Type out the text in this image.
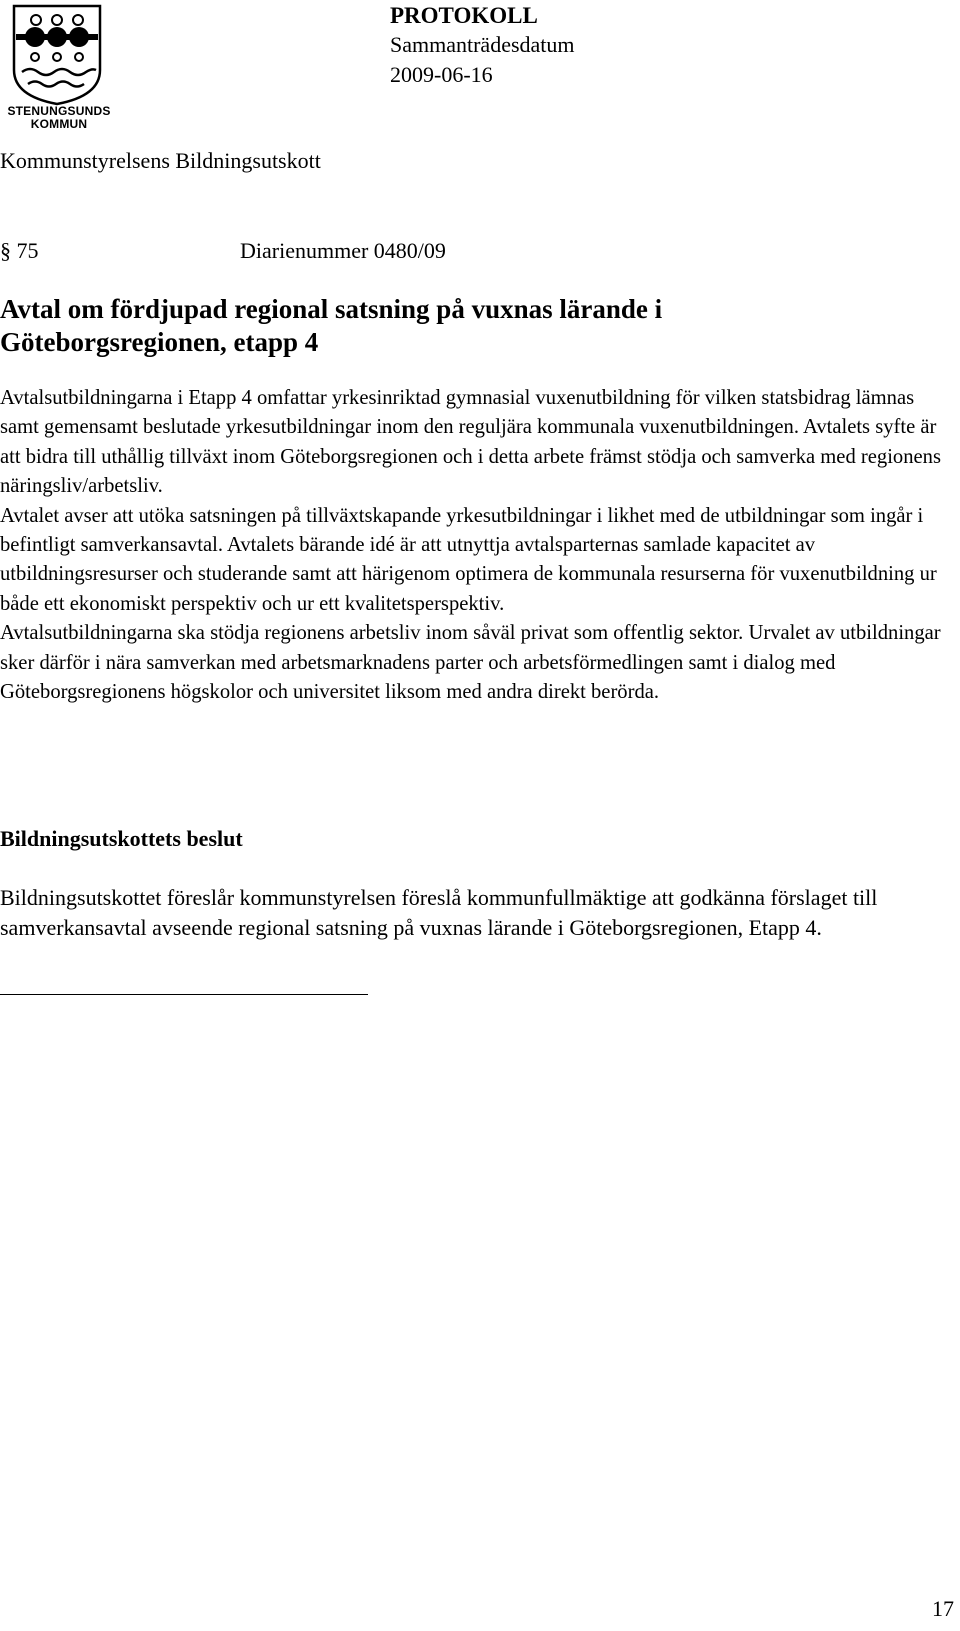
STENUNGSUNDS
KOMMUN

PROTOKOLL

Sammanträdesdatum

2009-06-16

Kommunstyrelsens Bildningsutskott

§ 75	Diarienummer 0480/09
Avtal om fördjupad regional satsning på vuxnas lärande i Göteborgsregionen, etapp 4

Avtalsutbildningarna i Etapp 4 omfattar yrkesinriktad gymnasial vuxenutbildning för vilken statsbidrag lämnas samt gemensamt beslutade yrkesutbildningar inom den reguljära kommunala vuxenutbildningen. Avtalets syfte är att bidra till uthållig tillväxt inom Göteborgsregionen och i detta arbete främst stödja och samverka med regionens näringsliv/arbetsliv.

Avtalet avser att utöka satsningen på tillväxtskapande yrkesutbildningar i likhet med de utbildningar som ingår i befintligt samverkansavtal. Avtalets bärande idé är att utnyttja avtalsparternas samlade kapacitet av utbildningsresurser och studerande samt att härigenom optimera de kommunala resurserna för vuxenutbildning ur både ett ekonomiskt perspektiv och ur ett kvalitetsperspektiv.

Avtalsutbildningarna ska stödja regionens arbetsliv inom såväl privat som offentlig sektor. Urvalet av utbildningar sker därför i nära samverkan med arbetsmarknadens parter och arbetsförmedlingen samt i dialog med Göteborgsregionens högskolor och universitet liksom med andra direkt berörda.

Bildningsutskottets beslut

Bildningsutskottet föreslår kommunstyrelsen föreslå kommunfullmäktige att godkänna förslaget till samverkansavtal avseende regional satsning på vuxnas lärande i Göteborgsregionen, Etapp 4.

17
